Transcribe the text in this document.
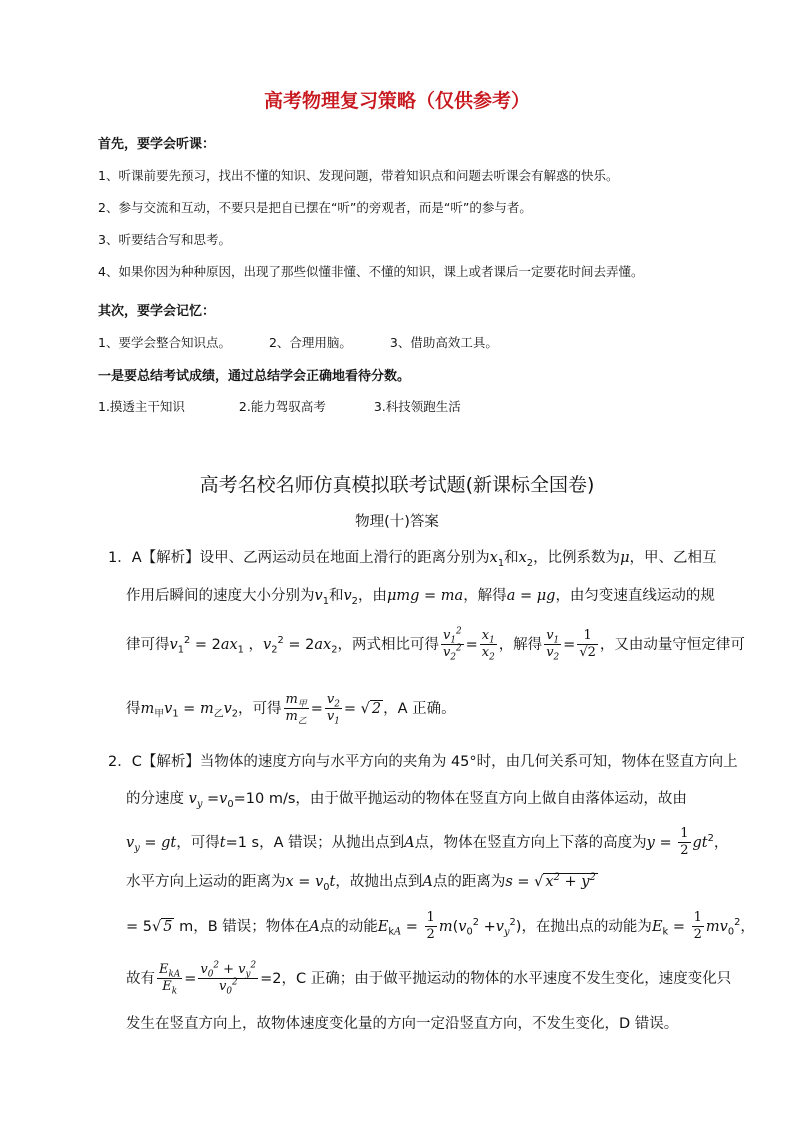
高考物理复习策略（仅供参考）
首先，要学会听课：
1、听课前要先预习，找出不懂的知识、发现问题，带着知识点和问题去听课会有解惑的快乐。
2、参与交流和互动，不要只是把自已摆在“听”的旁观者，而是“听”的参与者。
3、听要结合写和思考。
4、如果你因为种种原因，出现了那些似懂非懂、不懂的知识，课上或者课后一定要花时间去弄懂。
其次，要学会记忆：
1、要学会整合知识点。	2、合理用脑。	3、借助高效工具。
一是要总结考试成绩，通过总结学会正确地看待分数。
1.摸透主干知识	2.能力驾驭高考	3.科技领跑生活
高考名校名师仿真模拟联考试题(新课标全国卷)
物理(十)答案
1．A【解析】设甲、乙两运动员在地面上滑行的距离分别为$x_1$和$x_2$，比例系数为μ，甲、乙相互
作用后瞬间的速度大小分别为$v_1$和$v_2$，由μmg = ma，解得a = μg，由匀变速直线运动的规
律可得$v_1^2 = 2ax_1$ ，$v_2^2 = 2ax_2$，两式相比可得 $\frac{v_1^2}{v_2^2} = \frac{x_1}{x_2}$ ，解得 $\frac{v_1}{v_2} = \frac{1}{√2}$ ，又由动量守恒定律可
得$m_甲v_1 = m_乙v_2$，可得 $\frac{m_甲}{m_乙} = \frac{v_2}{v_1}$ = √ 2 ，A 正确。
2．C【解析】当物体的速度方向与水平方向的夹角为 45°时，由几何关系可知，物体在竖直方向上
的分速度 $v_y =v_0=10$ m/s，由于做平抛运动的物体在竖直方向上做自由落体运动，故由
$v_y$ = gt，可得t=1 s，A 错误；从抛出点到A点，物体在竖直方向上下落的高度为$y = \frac{1}{2} gt^2$，
水平方向上运动的距离为$x = v_0t$，故抛出点到A点的距离为s = √ $x^2 + y^2$
= 5√ 5 m，B 错误；物体在A点的动能$E_{kA} = \frac{1}{2} m(v_0^2 +v_y^2)$，在抛出点的动能为$E_k = \frac{1}{2} mv_0^2$，
故有 $\frac{E_{kA}}{E_k} = \frac{v_0^2 + v_y^2}{v_0^2} =2$，C 正确；由于做平抛运动的物体的水平速度不发生变化，速度变化只
发生在竖直方向上，故物体速度变化量的方向一定沿竖直方向，不发生变化，D 错误。
